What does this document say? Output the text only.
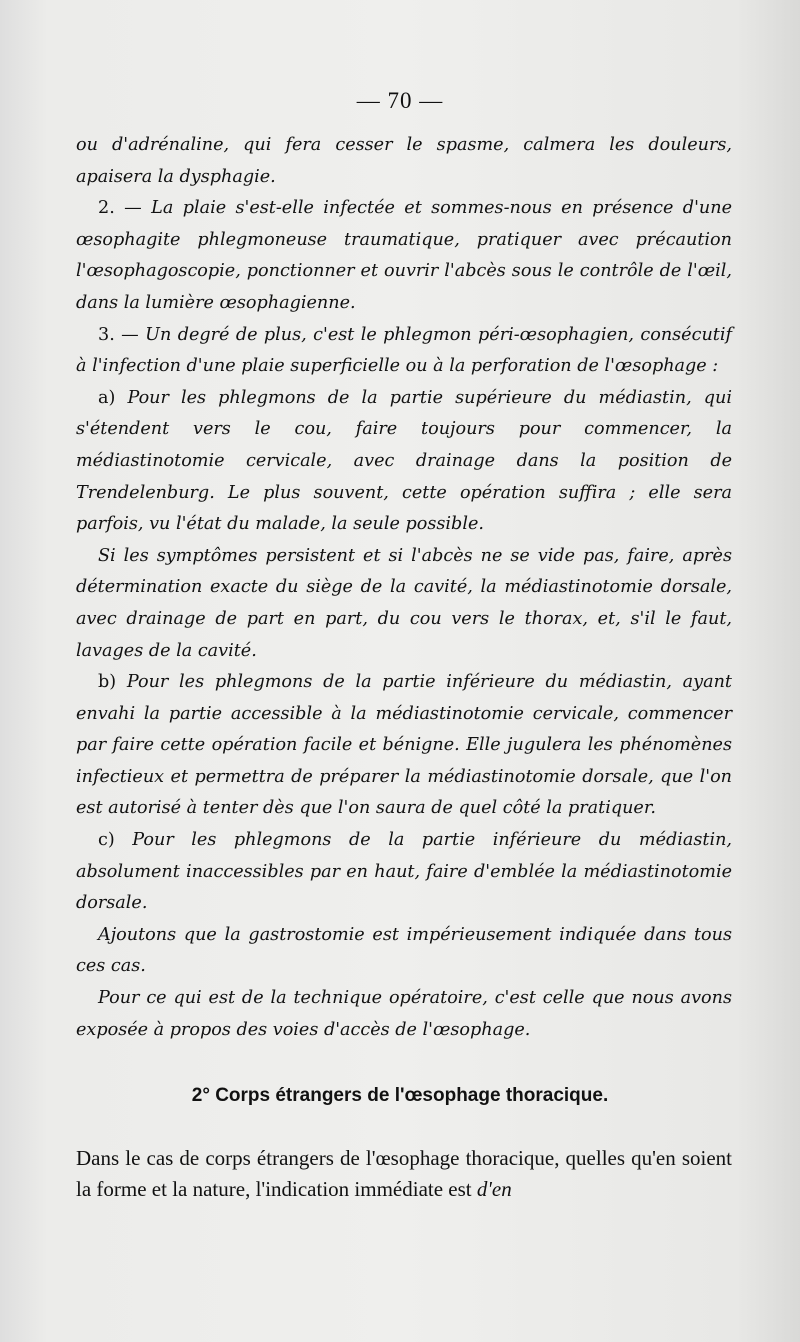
— 70 —

ou d'adrénaline, qui fera cesser le spasme, calmera les douleurs, apaisera la dysphagie.

2. — La plaie s'est-elle infectée et sommes-nous en présence d'une œsophagite phlegmoneuse traumatique, pratiquer avec précaution l'œsophagoscopie, ponctionner et ouvrir l'abcès sous le contrôle de l'œil, dans la lumière œsophagienne.

3. — Un degré de plus, c'est le phlegmon péri-œsophagien, consécutif à l'infection d'une plaie superficielle ou à la perforation de l'œsophage :

a) Pour les phlegmons de la partie supérieure du médiastin, qui s'étendent vers le cou, faire toujours pour commencer, la médiastinotomie cervicale, avec drainage dans la position de Trendelenburg. Le plus souvent, cette opération suffira ; elle sera parfois, vu l'état du malade, la seule possible.

Si les symptômes persistent et si l'abcès ne se vide pas, faire, après détermination exacte du siège de la cavité, la médiastinotomie dorsale, avec drainage de part en part, du cou vers le thorax, et, s'il le faut, lavages de la cavité.

b) Pour les phlegmons de la partie inférieure du médiastin, ayant envahi la partie accessible à la médiastinotomie cervicale, commencer par faire cette opération facile et bénigne. Elle jugulera les phénomènes infectieux et permettra de préparer la médiastinotomie dorsale, que l'on est autorisé à tenter dès que l'on saura de quel côté la pratiquer.

c) Pour les phlegmons de la partie inférieure du médiastin, absolument inaccessibles par en haut, faire d'emblée la médiastinotomie dorsale.

Ajoutons que la gastrostomie est impérieusement indiquée dans tous ces cas.

Pour ce qui est de la technique opératoire, c'est celle que nous avons exposée à propos des voies d'accès de l'œsophage.

2° Corps étrangers de l'œsophage thoracique.

Dans le cas de corps étrangers de l'œsophage thoracique, quelles qu'en soient la forme et la nature, l'indication immédiate est d'en
